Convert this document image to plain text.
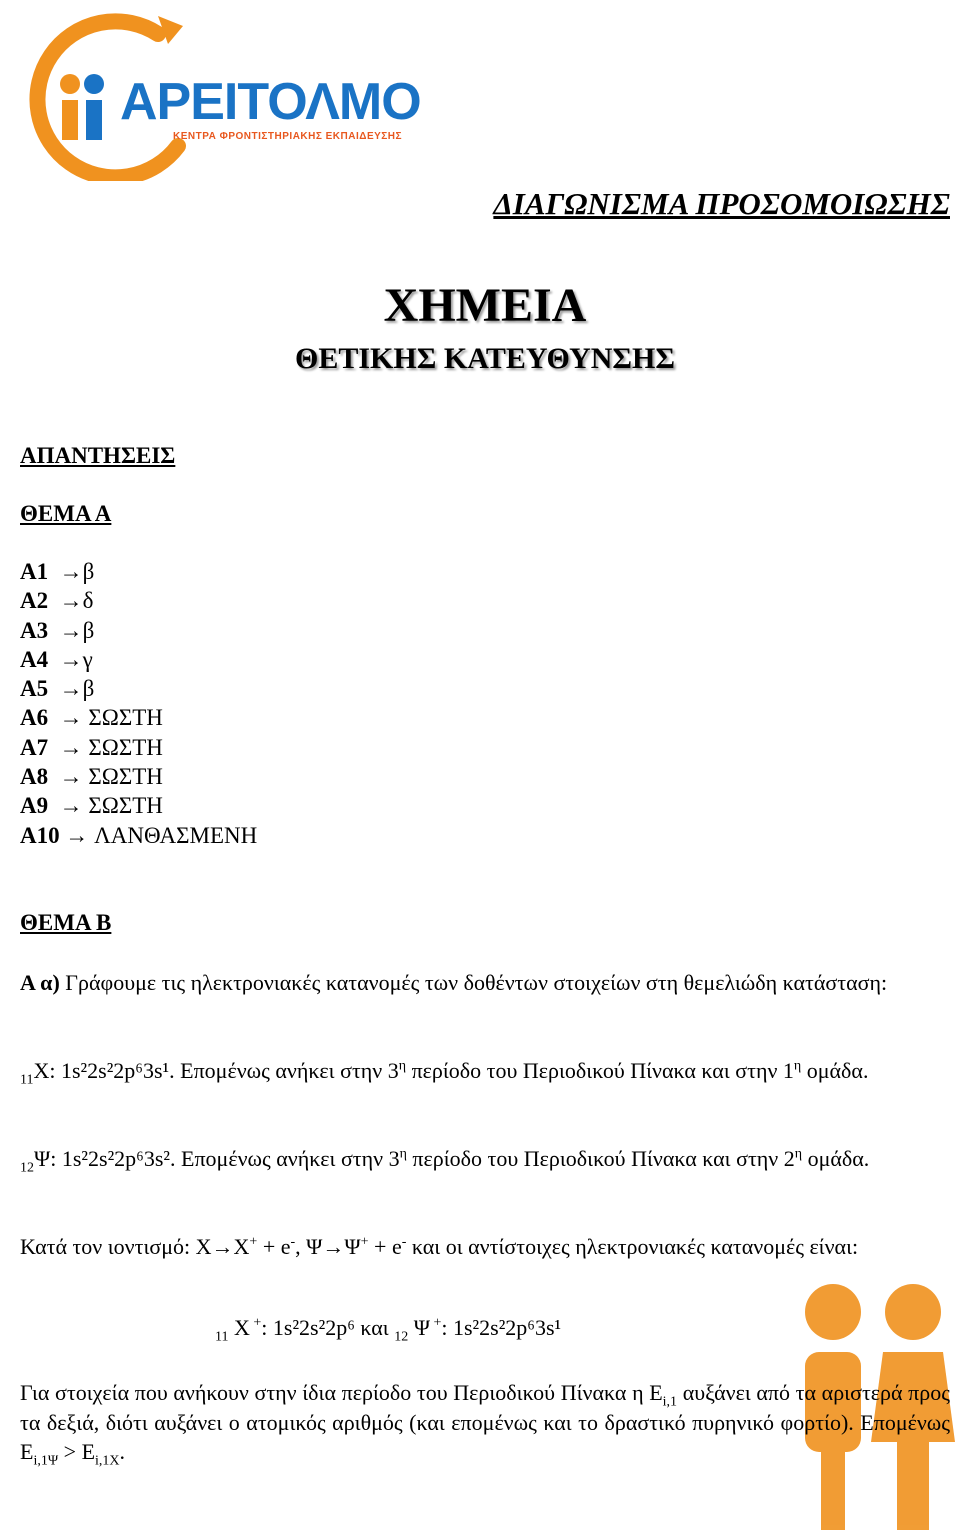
ΑΡΕΙΤΟΛΜΟ
ΚΕΝΤΡΑ ΦΡΟΝΤΙΣΤΗΡΙΑΚΗΣ ΕΚΠΑΙΔΕΥΣΗΣ
ΔΙΑΓΩΝΙΣΜΑ ΠΡΟΣΟΜΟΙΩΣΗΣ
ΧΗΜΕΙΑ
ΘΕΤΙΚΗΣ ΚΑΤΕΥΘΥΝΣΗΣ
ΑΠΑΝΤΗΣΕΙΣ
ΘΕΜΑ Α
Α1  →β
Α2  →δ
Α3  →β
Α4  →γ
Α5  →β
Α6  → ΣΩΣΤΗ
Α7  → ΣΩΣΤΗ
Α8  → ΣΩΣΤΗ
Α9  → ΣΩΣΤΗ
Α10 → ΛΑΝΘΑΣΜΕΝΗ
ΘΕΜΑ Β
Α α) Γράφουμε τις ηλεκτρονιακές κατανομές των δοθέντων στοιχείων στη θεμελιώδη κατάσταση:
$_{11}$Χ: 1s²2s²2p⁶3s¹. Επομένως ανήκει στην $3^\eta$ περίοδο του Περιοδικού Πίνακα και στην $1^\eta$ ομάδα.
$_{12}$Ψ: 1s²2s²2p⁶3s². Επομένως ανήκει στην $3^\eta$ περίοδο του Περιοδικού Πίνακα και στην $2^\eta$ ομάδα.
Κατά τον ιοντισμό: Χ→Χ+ + e-, Ψ→Ψ+ + e- και οι αντίστοιχες ηλεκτρονιακές κατανομές είναι:
$_{11}$ Χ +: 1s²2s²2p⁶ και $_{12}$ Ψ +: 1s²2s²2p⁶3s¹
Για στοιχεία που ανήκουν στην ίδια περίοδο του Περιοδικού Πίνακα η $E_{i,1}$ αυξάνει από τα αριστερά προς τα δεξιά, διότι αυξάνει ο ατομικός αριθμός (και επομένως και το δραστικό πυρηνικό φορτίο). Επομένως $E_{i,1\Psi} > E_{i,1X}$.
